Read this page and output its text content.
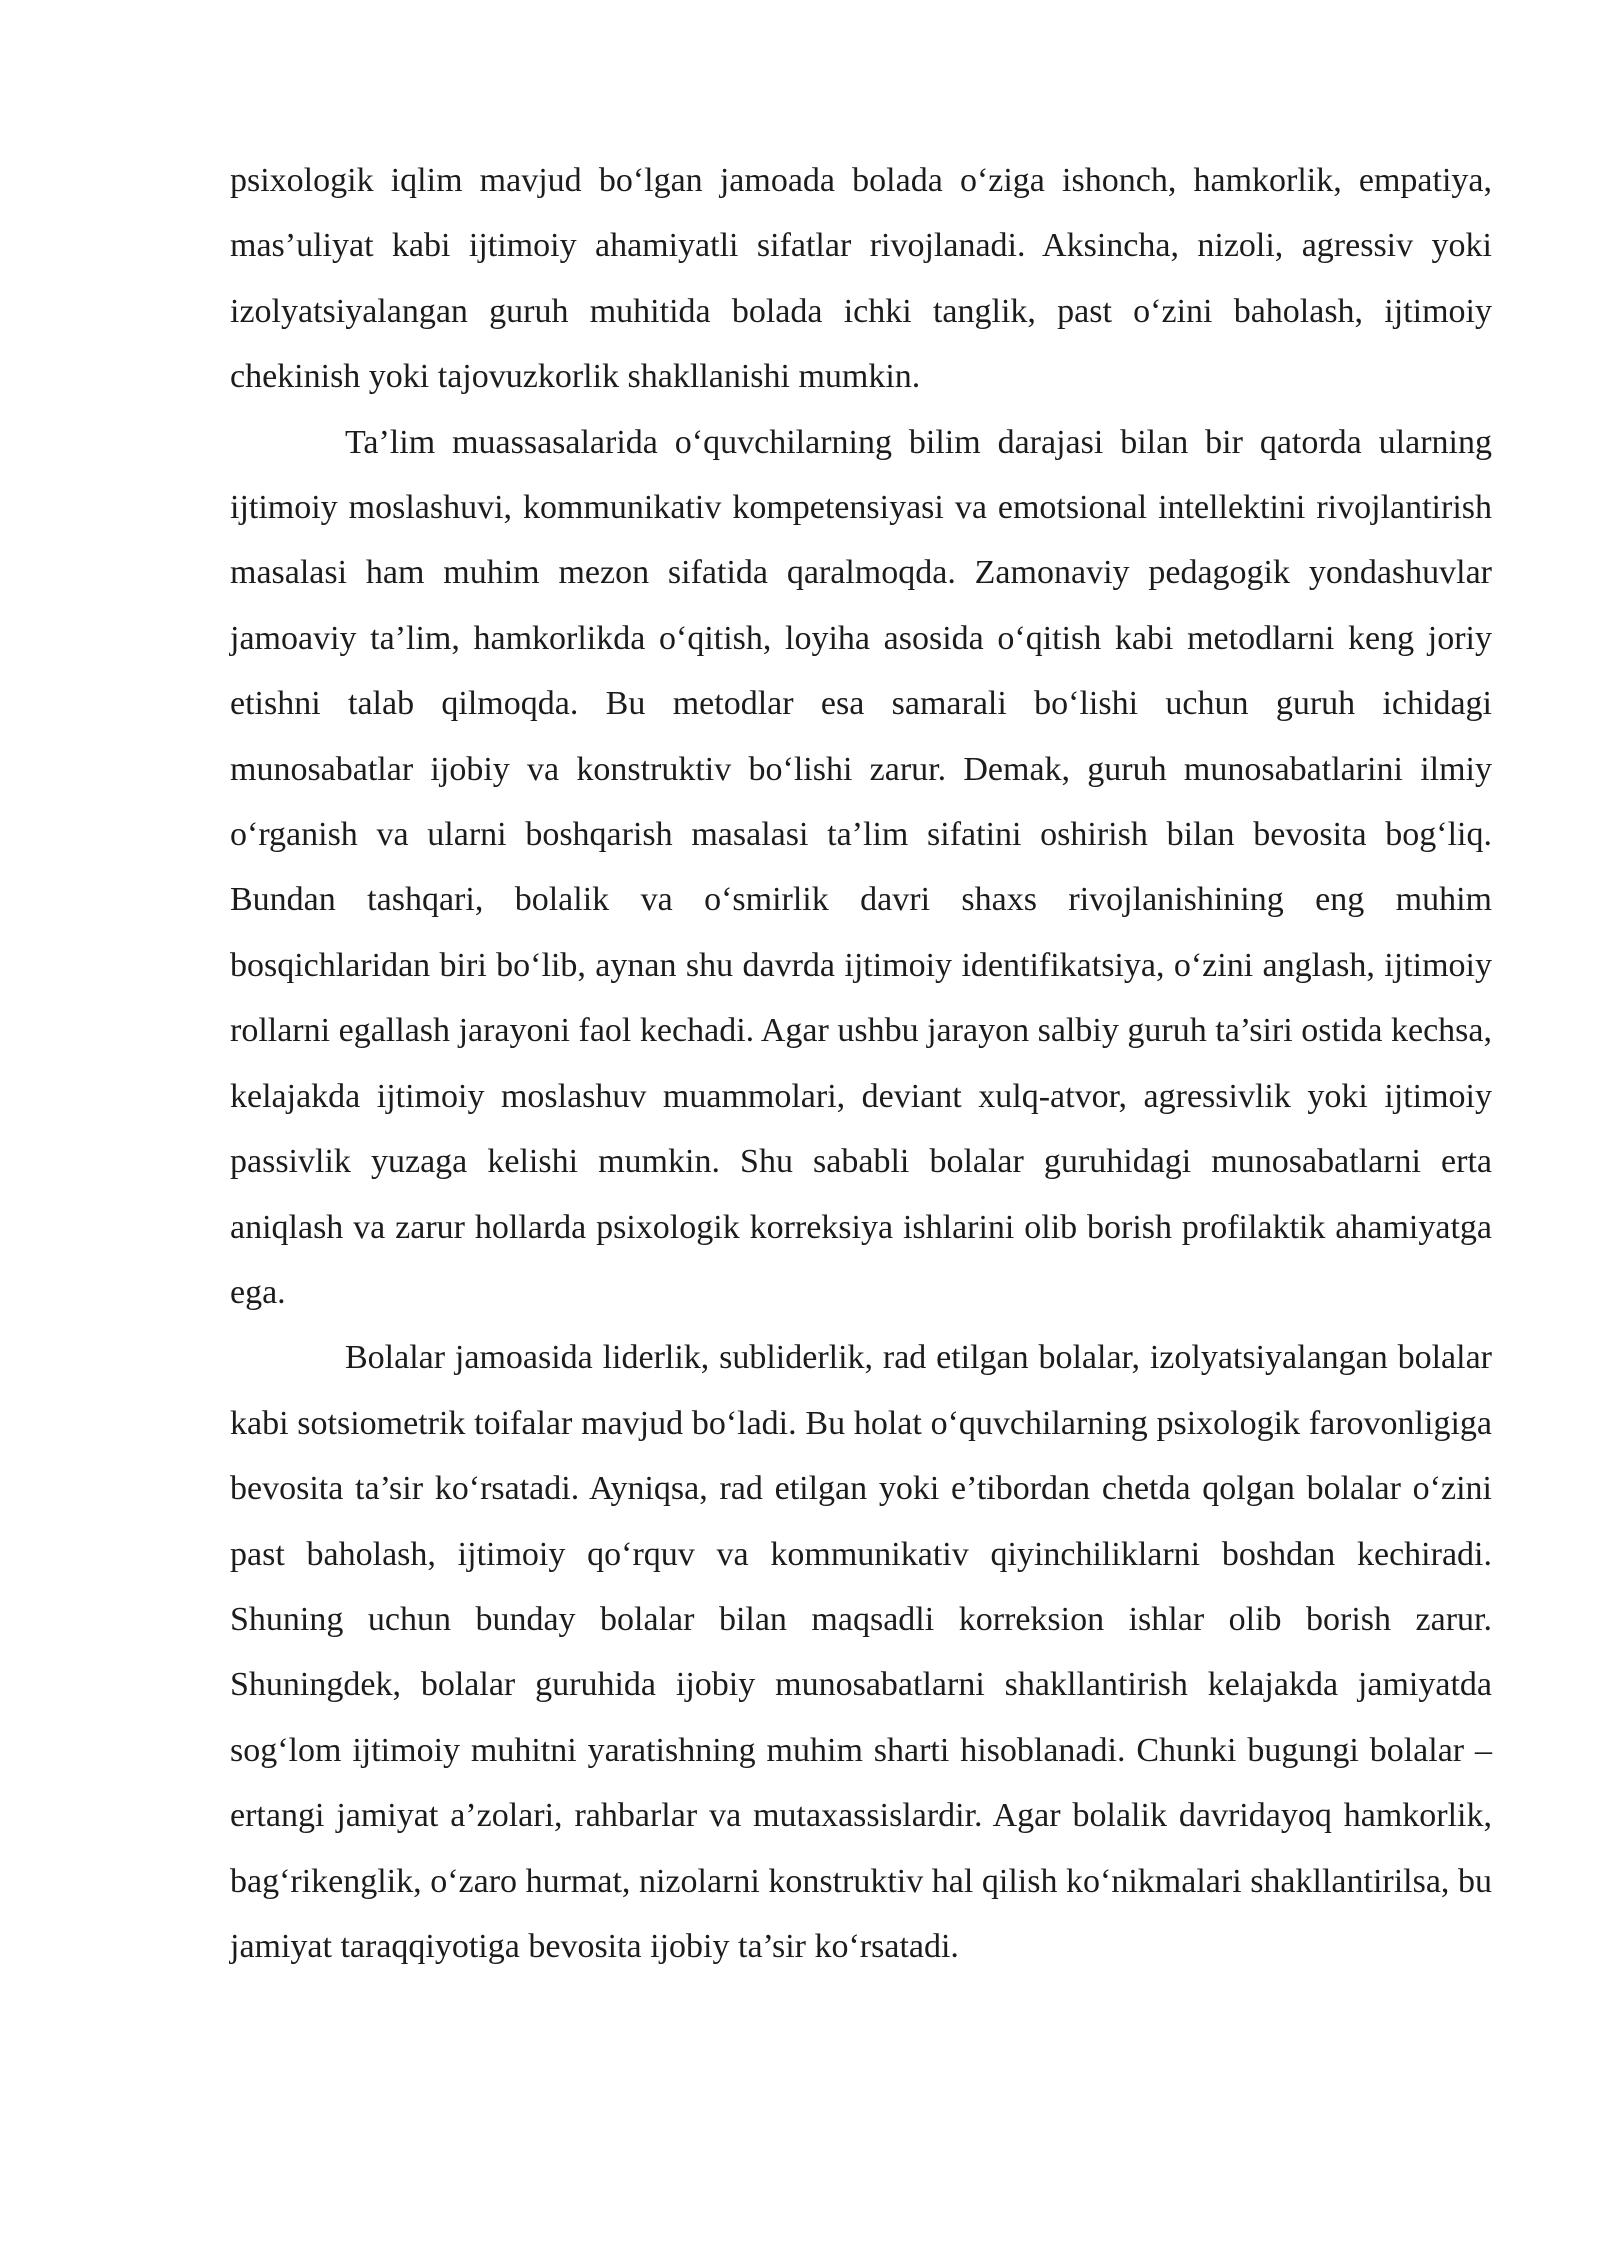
psixologik iqlim mavjud bo‘lgan jamoada bolada o‘ziga ishonch, hamkorlik, empatiya, mas’uliyat kabi ijtimoiy ahamiyatli sifatlar rivojlanadi. Aksincha, nizoli, agressiv yoki izolyatsiyalangan guruh muhitida bolada ichki tanglik, past o‘zini baholash, ijtimoiy chekinish yoki tajovuzkorlik shakllanishi mumkin.

Ta’lim muassasalarida o‘quvchilarning bilim darajasi bilan bir qatorda ularning ijtimoiy moslashuvi, kommunikativ kompetensiyasi va emotsional intellektini rivojlantirish masalasi ham muhim mezon sifatida qaralmoqda. Zamonaviy pedagogik yondashuvlar jamoaviy ta’lim, hamkorlikda o‘qitish, loyiha asosida o‘qitish kabi metodlarni keng joriy etishni talab qilmoqda. Bu metodlar esa samarali bo‘lishi uchun guruh ichidagi munosabatlar ijobiy va konstruktiv bo‘lishi zarur. Demak, guruh munosabatlarini ilmiy o‘rganish va ularni boshqarish masalasi ta’lim sifatini oshirish bilan bevosita bog‘liq. Bundan tashqari, bolalik va o‘smirlik davri shaxs rivojlanishining eng muhim bosqichlaridan biri bo‘lib, aynan shu davrda ijtimoiy identifikatsiya, o‘zini anglash, ijtimoiy rollarni egallash jarayoni faol kechadi. Agar ushbu jarayon salbiy guruh ta’siri ostida kechsa, kelajakda ijtimoiy moslashuv muammolari, deviant xulq-atvor, agressivlik yoki ijtimoiy passivlik yuzaga kelishi mumkin. Shu sababli bolalar guruhidagi munosabatlarni erta aniqlash va zarur hollarda psixologik korreksiya ishlarini olib borish profilaktik ahamiyatga ega.

Bolalar jamoasida liderlik, subliderlik, rad etilgan bolalar, izolyatsiyalangan bolalar kabi sotsiometrik toifalar mavjud bo‘ladi. Bu holat o‘quvchilarning psixologik farovonligiga bevosita ta’sir ko‘rsatadi. Ayniqsa, rad etilgan yoki e’tibordan chetda qolgan bolalar o‘zini past baholash, ijtimoiy qo‘rquv va kommunikativ qiyinchiliklarni boshdan kechiradi. Shuning uchun bunday bolalar bilan maqsadli korreksion ishlar olib borish zarur. Shuningdek, bolalar guruhida ijobiy munosabatlarni shakllantirish kelajakda jamiyatda sog‘lom ijtimoiy muhitni yaratishning muhim sharti hisoblanadi. Chunki bugungi bolalar – ertangi jamiyat a’zolari, rahbarlar va mutaxassislardir. Agar bolalik davridayoq hamkorlik, bag‘rikenglik, o‘zaro hurmat, nizolarni konstruktiv hal qilish ko‘nikmalari shakllantirilsa, bu jamiyat taraqqiyotiga bevosita ijobiy ta’sir ko‘rsatadi.
